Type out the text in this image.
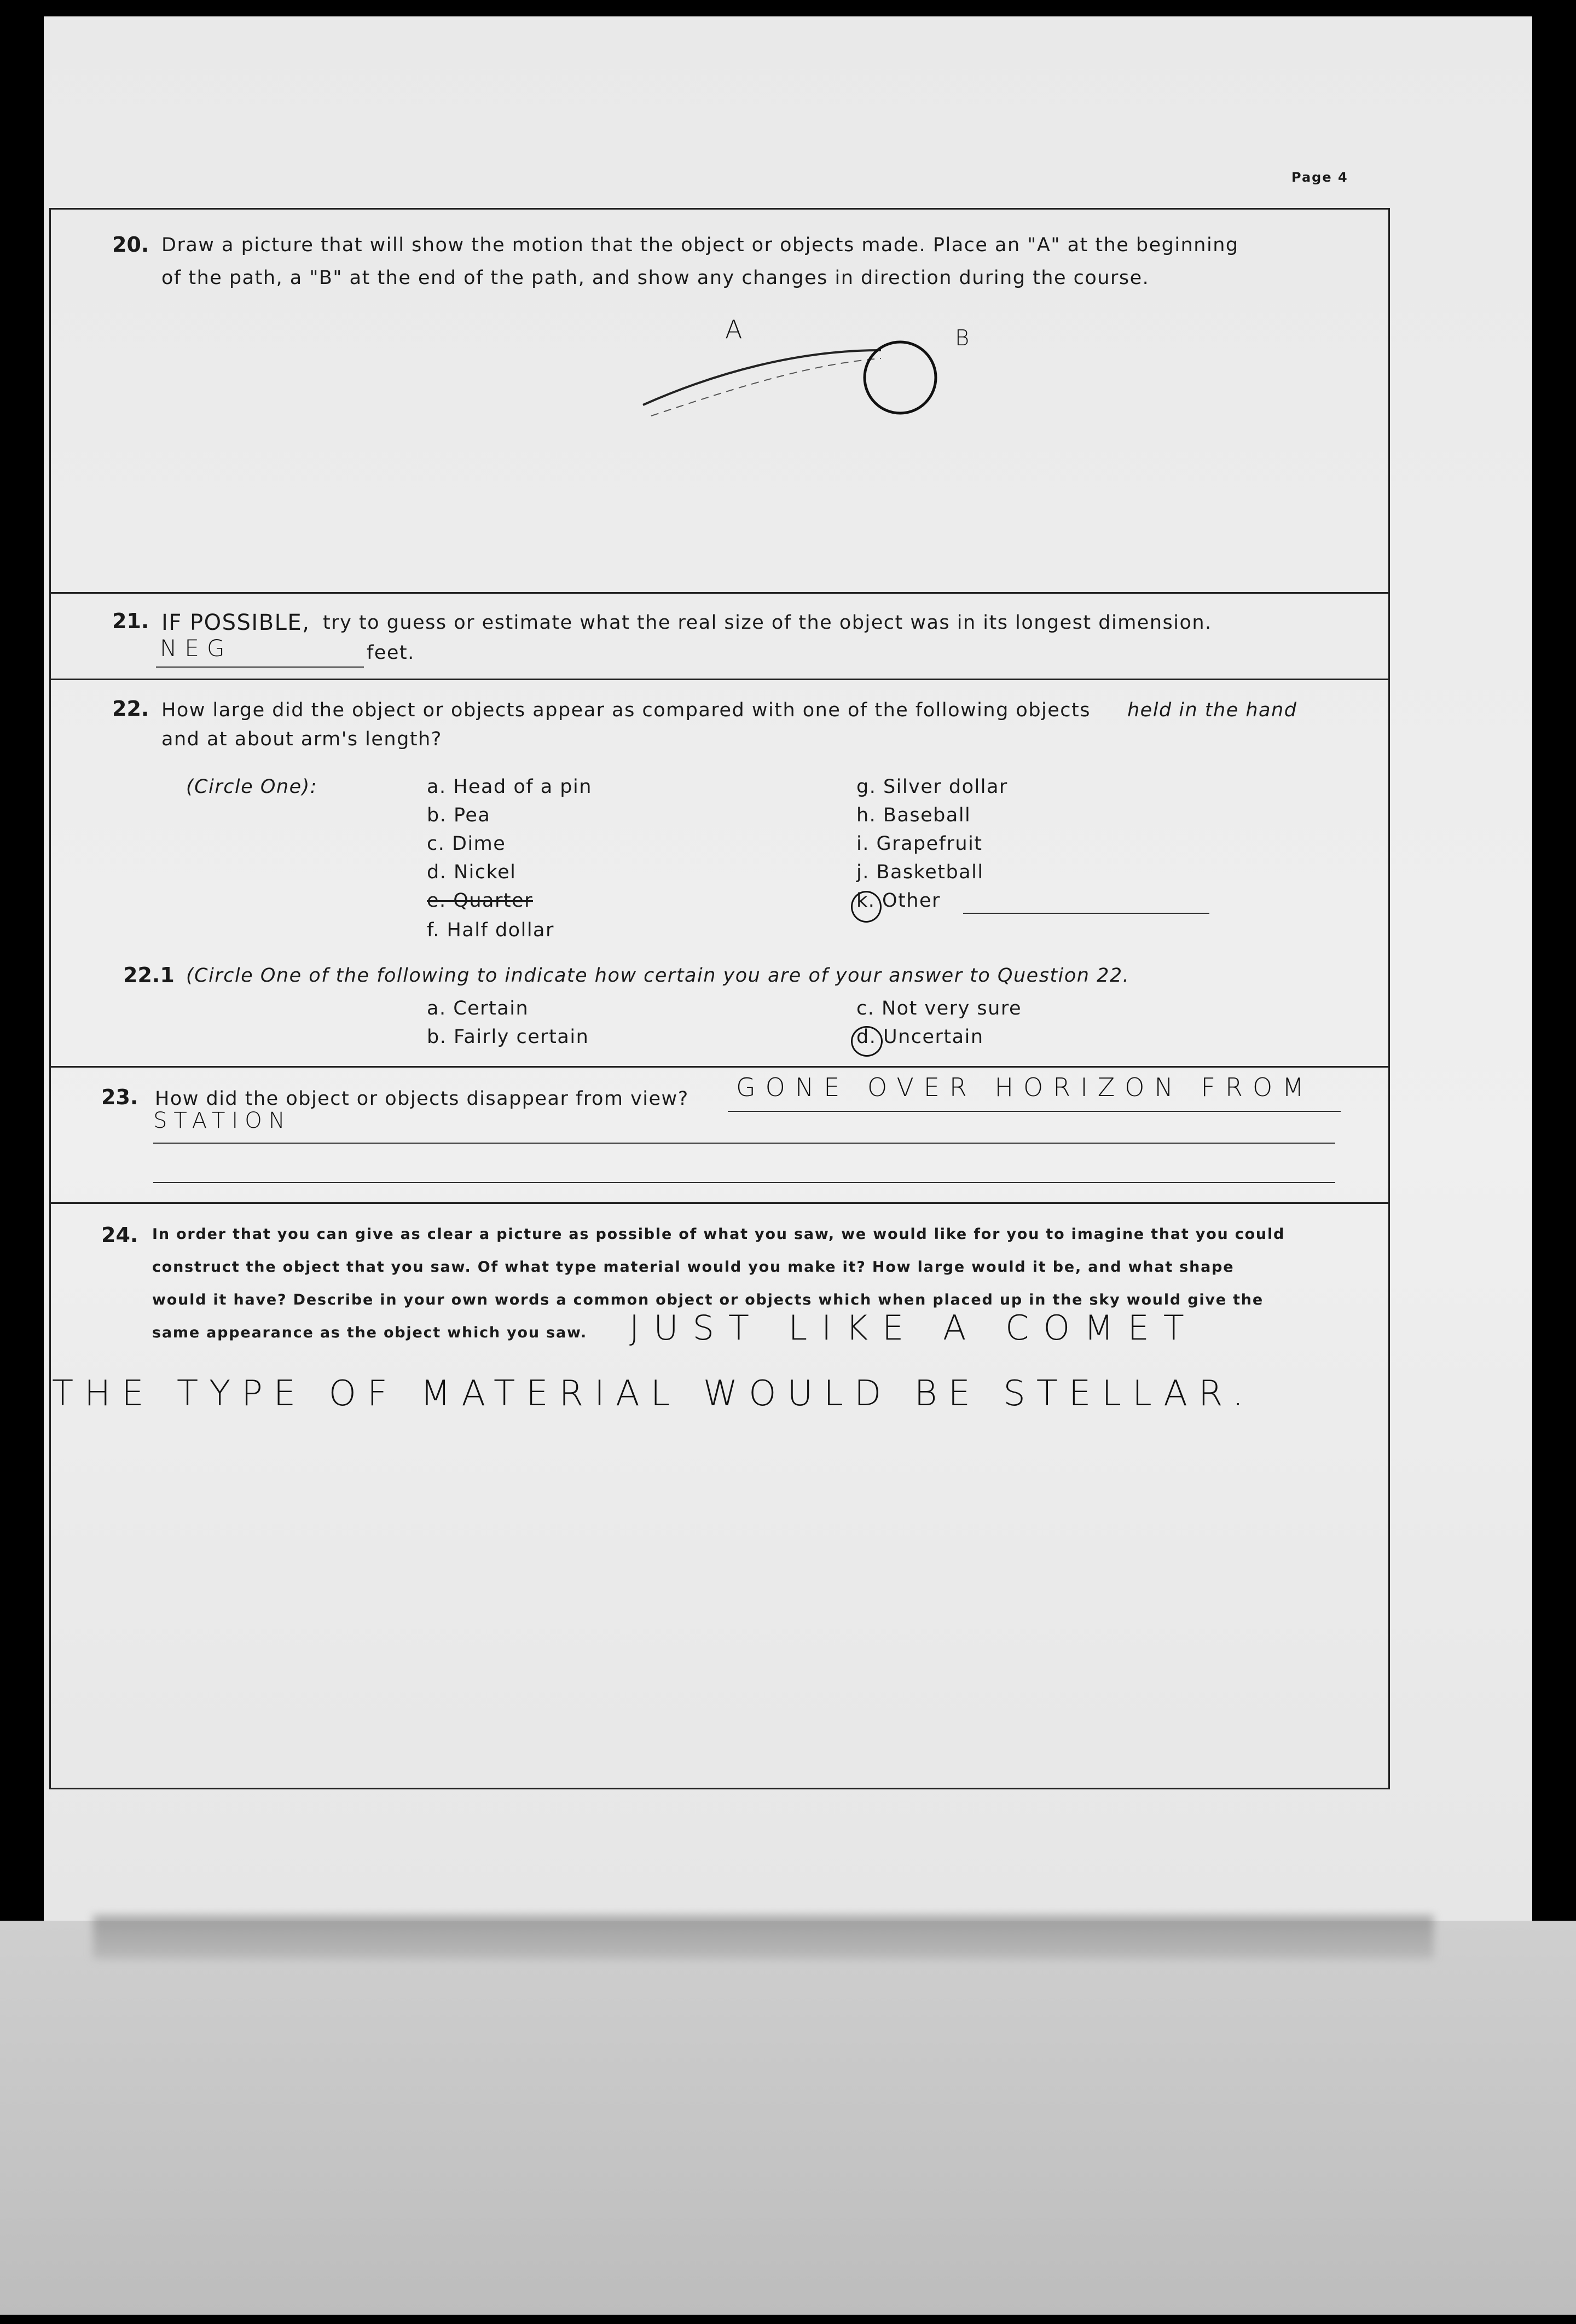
Page 4
20. Draw a picture that will show the motion that the object or objects made. Place an "A" at the beginning
of the path, a "B" at the end of the path, and show any changes in direction during the course.
A	B
21. IF POSSIBLE, try to guess or estimate what the real size of the object was in its longest dimension.
NEG	feet.
22. How large did the object or objects appear as compared with one of the following objects held in the hand
and at about arm's length?
(Circle One):	a. Head of a pin
b. Pea
c. Dime
d. Nickel
e. Quarter
f. Half dollar
g. Silver dollar
h. Baseball
i. Grapefruit
j. Basketball
k. Other
22.1 (Circle One of the following to indicate how certain you are of your answer to Question 22.
a. Certain
b. Fairly certain
c. Not very sure
d. Uncertain
23. How did the object or objects disappear from view? GONE OVER HORIZON FROM
STATION
24. In order that you can give as clear a picture as possible of what you saw, we would like for you to imagine that you could
construct the object that you saw. Of what type material would you make it? How large would it be, and what shape
would it have? Describe in your own words a common object or objects which when placed up in the sky would give the
same appearance as the object which you saw.	JUST LIKE A COMET
THE TYPE OF MATERIAL WOULD BE STELLAR.
